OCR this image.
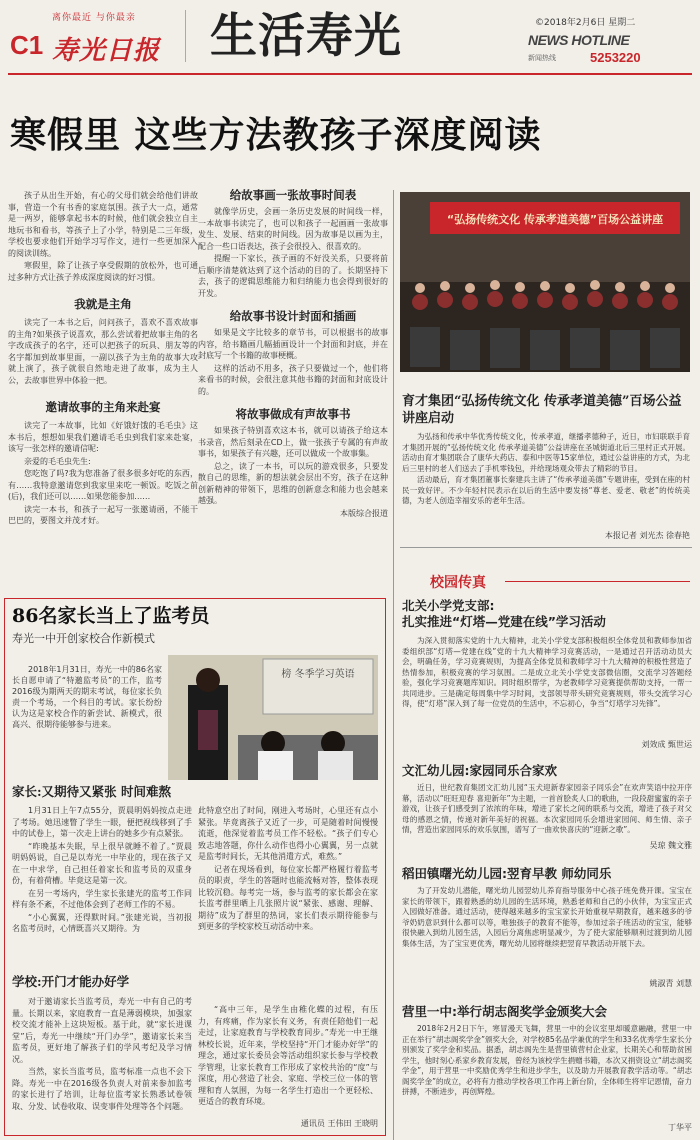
离你最近 与你最亲
C1 寿光日报 生活寿光	©2018年2月6日 星期二
NEWS HOTLINE
新闻热线	5253220
寒假里 这些方法教孩子深度阅读

孩子从出生开始，有心的父母们就会给他们讲故事，营造一个有书香的家庭氛围。孩子大一点，通常是一两岁，能够拿起书本的时候，他们就会独立自主地玩书和看书，等孩子上了小学，特别是二三年级，学校也要求他们开始学习写作文，进行一些更加深入的阅读训练。

寒假里，除了让孩子享受假期的放松外，也可通过多种方式让孩子养成深度阅读的好习惯。

我就是主角

读完了一本书之后，问问孩子，喜欢不喜欢故事的主角?如果孩子说喜欢，那么尝试着把故事主角的名字改成孩子的名字，还可以把孩子的玩具、朋友等的名字都加到故事里面，一副以孩子为主角的故事大攻就上演了，孩子就很自然地走进了故事，成为主人公，去故事世界中体验一把。

邀请故事的主角来赴宴

读完了一本故事，比如《好饿好饿的毛毛虫》这本书后，想想如果我们邀请毛毛虫到我们家来赴宴，该写一张怎样的邀请信呢:

亲爱的毛毛虫先生:

您吃饱了吗?我为您准备了很多很多好吃的东西，有……我特意邀请您到我家里来吃一顿饭。吃饭之前(后)，我们还可以……如果您能参加……

读完一本书，和孩子一起写一张邀请函，不能干巴巴的，要图文并茂才好。

给故事画一张故事时间表

就像学历史，会画一条历史发展的时间线一样，一本故事书读完了，也可以和孩子一起画画一张故事发生、发展、结束的时间线。因为故事是以画为主，配合一些口语表达，孩子会很投入、很喜欢的。

提醒一下家长，孩子画的不好没关系，只要将前后顺序清楚就达到了这个活动的目的了。长期坚持下去，孩子的逻辑思维能力和归纳能力也会得到很好的开发。

给故事书设计封面和插画

如果是文字比较多的章节书，可以根据书的故事内容，给书籍画几幅插画设计一个封面和封底，并在封底写一个书籍的故事梗概。

这样的活动不用多，孩子只要做过一个，他们将来看书的时候，会很注意其他书籍的封面和封底设计的。

将故事做成有声故事书

如果孩子特别喜欢这本书，就可以请孩子给这本书录音，然后刻录在CD上，做一张孩子专属的有声故事书，如果孩子有兴趣，还可以做成一个故事集。

总之，读了一本书，可以玩的游戏很多，只要发散自己的思维，新的想法就会层出不穷，孩子在这种创新精神的带领下，思维的创新意念和能力也会越来越强。

本版综合报道
“弘扬传统文化 传承孝道美德”百场公益讲座
育才集团“弘扬传统文化 传承孝道美德”百场公益讲座启动

为弘扬和传承中华优秀传统文化，传承孝道，继播孝德种子，近日，市妇联联手育才集团开展的“弘扬传统文化 传承孝道美德”公益讲座在圣城街道北后三里村正式开展。活动由育才集团联合了康华大药店、泰和中医等15家单位，通过公益讲座的方式，为北后三里村的老人们送去了手机零钱包，并给现场观众带去了精彩的节目。

活动最后，育才集团董事长秦建兵主讲了“传承孝道美德”专题讲座，受到在座的村民一致好评。不少年轻村民表示在以后的生活中要发扬“尊老、爱老、敬老”的传统美德，为老人创造幸福安乐的老年生活。

本报记者 刘光杰 徐春艳
校园传真
北关小学党支部:
扎实推进“灯塔—党建在线”学习活动

为深入贯彻落实党的十九大精神，北关小学党支部积极组织全体党员和教师参加省委组织部“灯塔—党建在线”党的十九大精神学习竞赛活动，一是通过召开活动动员大会，明确任务，学习竞赛规则，为提高全体党员和教师学习十九大精神的积极性营造了热情参加，积极竞赛的学习氛围。二是成立北关小学党支部微信圈，交流学习答题经验，强化学习竞赛题库知识。同时组织帮学，为老教师学习竞赛提供帮助支持，一帮一共同进步。三是确定每周集中学习时间，支部领导带头研究竞赛规则，带头交流学习心得，使“灯塔”深入到了每一位党员的生活中，不忘初心，争当“灯塔学习先锋”。

刘效成 甄世运
文汇幼儿园:家园同乐合家欢

近日，世纪教育集团文汇幼儿园“玉犬迎新春家园亲子同乐会”在欢声笑语中拉开序幕，活动以“旺旺迎春 喜迎新年”为主题，一首首脍炙人口的歌曲，一段段甜蜜蜜的亲子游戏，让孩子们感受到了浓浓的年味，增进了家长之间的联系与交流，增进了孩子对父母的感恩之情，传递对新年美好的祝福。本次家园同乐会增进家园间、师生情、亲子情，营造出家园同乐的欢乐氛围，谱写了一曲欢快喜庆的“迎新之歌”。

吴琼 魏文雅
稻田镇曙光幼儿园:翌育早教 师幼同乐

为了开发幼儿潜能，曙光幼儿园翌幼儿养育指导服务中心孩子班免费开课。宝宝在家长的带领下，跟着熟悉的幼儿园的生活环境，熟悉老师和自己的小伙伴，为宝宝正式入园做好准备。通过活动，使得越来越多的宝宝家长开始重视早期教育，越来越多的爷爷奶奶意识到什么都可以等，唯独孩子的教育不能等，参加过亲子班活动的宝宝，能够很快融入到幼儿园生活，入园后分离焦虑明显减少，为了使大家能够顺利过渡到幼儿园集体生活，为了宝宝更优秀，曙光幼儿园将继续把翌育早教活动开展下去。

姚淑青 刘慧
营里一中:举行胡志阁奖学金颁奖大会

2018年2月2日下午，寒冒漫天飞舞，营里一中的会议室里却暖意融融，营里一中正在举行“胡志阁奖学金”颁奖大会，对学校85名品学兼优的学生和33名优秀学生家长分别颁发了奖学金和奖品。据悉，胡志阁先生是营里镇营村企业家，长期关心和帮助贫困学生，他时刻心系家乡教育发展，曾经为该校学生捐赠书籍，本次又捐资设立“胡志阁奖学金”，用于营里一中奖励优秀学生和进步学生，以及助力开展教育教学活动等。“胡志阁奖学金”的成立，必将有力推动学校各项工作再上新台阶，全体师生将牢记恩情，奋力拼搏，不断进步，再创辉煌。

丁华平
86名家长当上了监考员
寿光一中开创家校合作新模式

2018年1月31日，寿光一中的86名家长自愿申请了“特邀监考员”的工作，监考2016级为期两天的期末考试，每位家长负责一个考场，一个科目的考试。家长纷纷认为这是家校合作的新尝试、新模式，很高兴、很期待能够参与进来。

榜 冬季学习英语
家长:又期待又紧张 时间难熬

1月31日上午7点55分，贾晨明妈妈按点走进了考场。她迅速瞥了学生一眼，便把视线移到了手中的试卷上，第一次走上讲台的她多少有点紧张。

“昨晚基本失眠，早上很早就睡不着了。”贾晨明妈妈说，自己是以寿光一中毕业的，现在孩子又在一中求学，自己担任着家长和监考员的双重身份，有着荷槽。毕竟这是第一次。

在另一考场内，学生家长张建光的监考工作同样有条不紊，不过他体会到了老师工作的不易。

“小心翼翼，还得默时间。”张建光说，当初报名监考员时，心情既喜兴又期待。为

此特意空出了时间，刚进入考场时，心里还有点小紧张。毕竟离孩子又近了一步，可是随着时间慢慢流逝，他深觉着监考员工作不轻松。“孩子们专心致志地答题，你什么动作也得小心翼翼，另一点就是监考时间长，无其他消遣方式，难熬。”

记者在现场看到，每位家长都严格履行着监考员的职责，学生的答题时也能流畅对答，整体表现比较沉稳。每考完一场，参与监考的家长都会在家长监考群里晒上几张照片说“紧张、感谢、理解、期待”成为了群里的热词，家长们表示期待能参与到更多的学校家校互动活动中来。

学校:开门才能办好学

对于邀请家长当监考员，寿光一中有自己的考量。长期以来，家庭教育一直是薄弱模块，加强家校交流才能补上这块短板。基于此，就“家长进课堂”后，寿光一中继续“开门办学”，邀请家长来当监考员，更好地了解孩子们的学风考纪及学习情况。

当然，家长当监考员，监考标准一点也不会下降。寿光一中在2016级各负责人对前来参加监考的家长进行了培训，让每位监考家长熟悉试卷领取、分发、试卷收取、误变事件处理等各个问题。

“高中三年，是学生由稚化蝶的过程，有压力，有疼痛，作为家长有义务，有责任陪他们一起走过，让家庭教育与学校教育同步。”寿光一中王继林校长说，近年来，学校坚持“开门才能办好学”的理念，通过家长委员会等活动组织家长参与学校教学管理，让家长教育工作形成了家校共治的“度”与深度，用心营造了社会、家庭、学校三位一体的管理和育人氛围，为每一名学生打造出一个更轻松、更适合的教育环境。

通讯员 王伟田 王晓明
